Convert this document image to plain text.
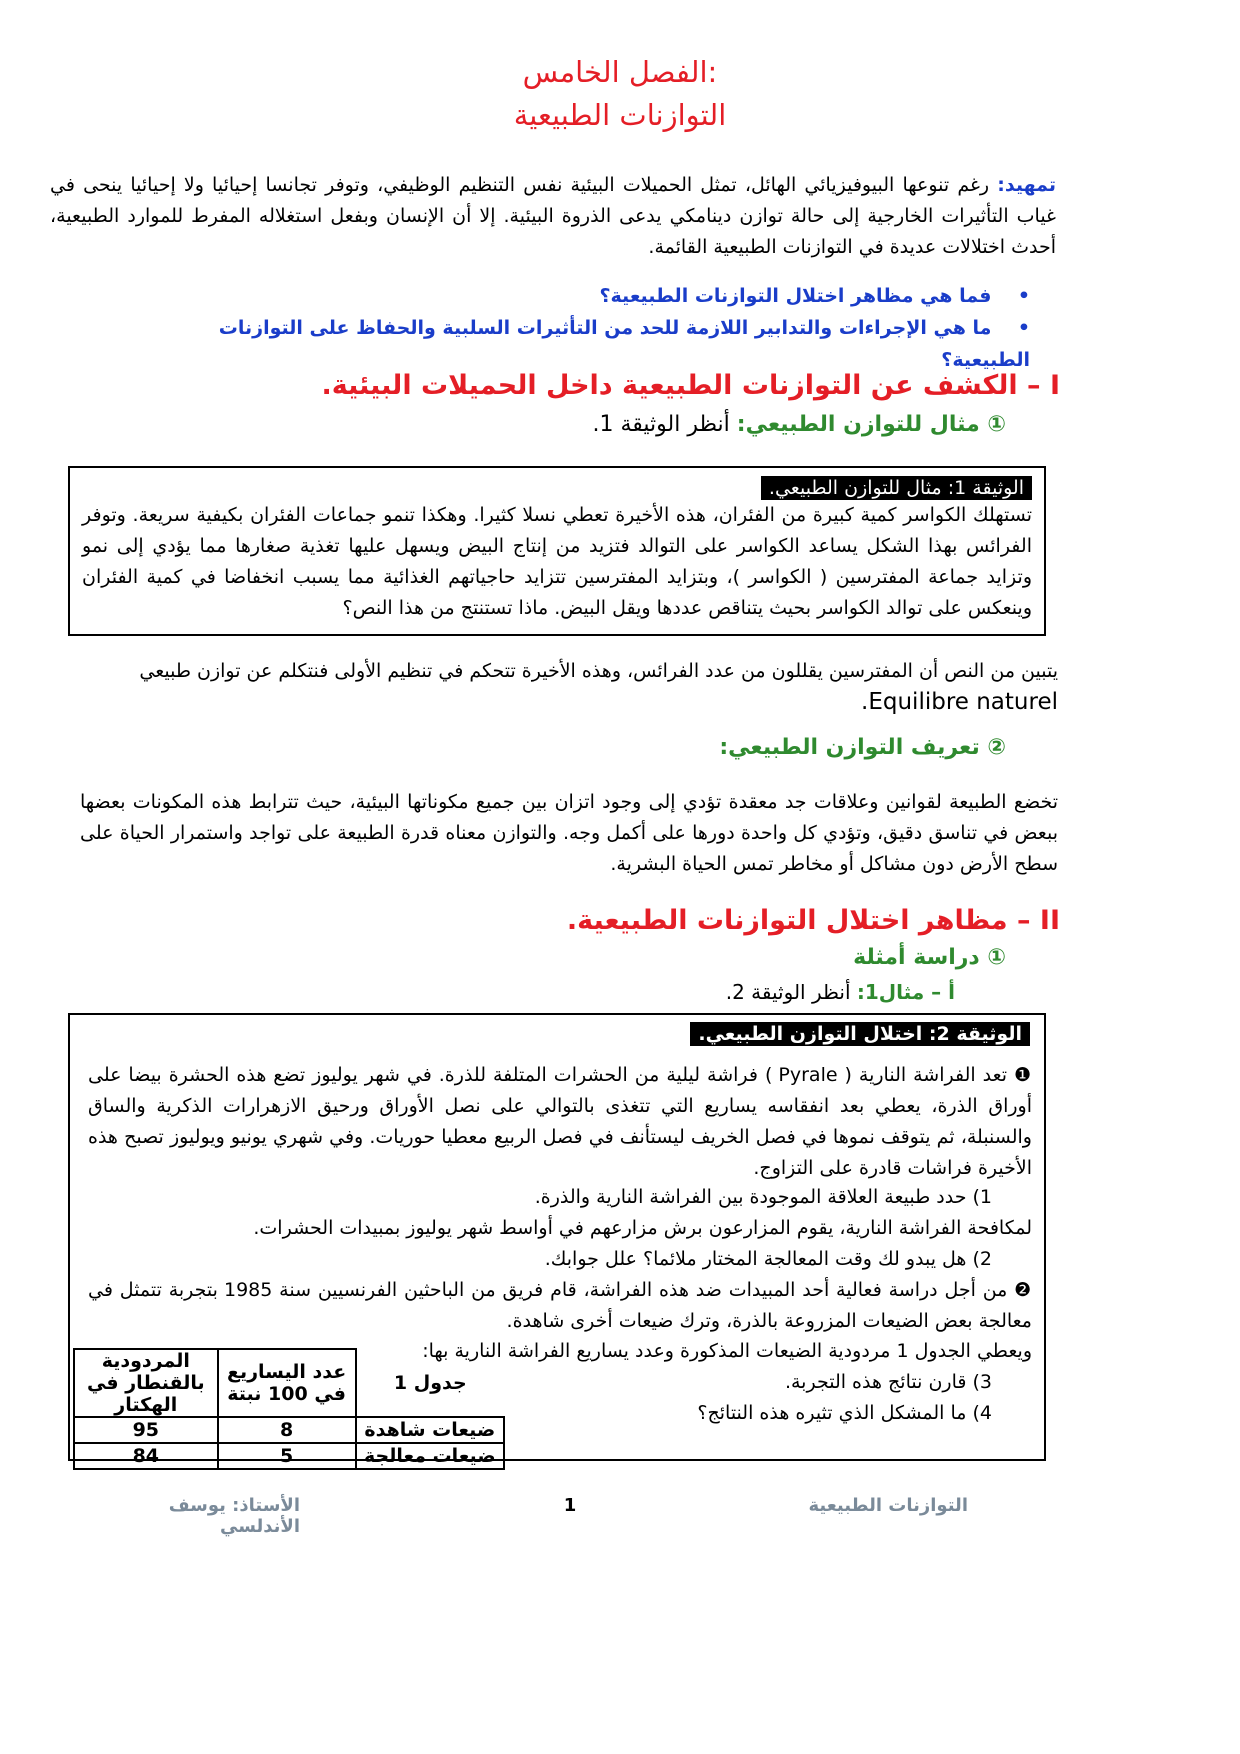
الفصل الخامس:
التوازنات الطبيعية
تمهيد: رغم تنوعها البيوفيزيائي الهائل، تمثل الحميلات البيئية نفس التنظيم الوظيفي، وتوفر تجانسا إحيائيا ولا إحيائيا ينحى في غياب التأثيرات الخارجية إلى حالة توازن دينامكي يدعى الذروة البيئية. إلا أن الإنسان وبفعل استغلاله المفرط للموارد الطبيعية، أحدث اختلالات عديدة في التوازنات الطبيعية القائمة.
•    فما هي مظاهر اختلال التوازنات الطبيعية؟
•    ما هي الإجراءات والتدابير اللازمة للحد من التأثيرات السلبية والحفاظ على التوازنات الطبيعية؟
I – الكشف عن التوازنات الطبيعية داخل الحميلات البيئية.
① مثال للتوازن الطبيعي: أنظر الوثيقة 1.
الوثيقة 1: مثال للتوازن الطبيعي.
تستهلك الكواسر كمية كبيرة من الفئران، هذه الأخيرة تعطي نسلا كثيرا. وهكذا تنمو جماعات الفئران بكيفية سريعة. وتوفر الفرائس بهذا الشكل يساعد الكواسر على التوالد فتزيد من إنتاج البيض ويسهل عليها تغذية صغارها مما يؤدي إلى نمو وتزايد جماعة المفترسين ( الكواسر )، وبتزايد المفترسين تتزايد حاجياتهم الغذائية مما يسبب انخفاضا في كمية الفئران وينعكس على توالد الكواسر بحيث يتناقص عددها ويقل البيض. ماذا تستنتج من هذا النص؟
يتبين من النص أن المفترسين يقللون من عدد الفرائس، وهذه الأخيرة تتحكم في تنظيم الأولى فنتكلم عن توازن طبيعي
Equilibre naturel.
② تعريف التوازن الطبيعي:
تخضع الطبيعة لقوانين وعلاقات جد معقدة تؤدي إلى وجود اتزان بين جميع مكوناتها البيئية، حيث تترابط هذه المكونات بعضها ببعض في تناسق دقيق، وتؤدي كل واحدة دورها على أكمل وجه. والتوازن معناه قدرة الطبيعة على تواجد واستمرار الحياة على سطح الأرض دون مشاكل أو مخاطر تمس الحياة البشرية.
II – مظاهر اختلال التوازنات الطبيعية.
① دراسة أمثلة
أ – مثال1: أنظر الوثيقة 2.
الوثيقة 2: اختلال التوازن الطبيعي.
❶ تعد الفراشة النارية ( Pyrale ) فراشة ليلية من الحشرات المتلفة للذرة. في شهر يوليوز تضع هذه الحشرة بيضا على أوراق الذرة، يعطي بعد انفقاسه يساريع التي تتغذى بالتوالي على نصل الأوراق ورحيق الازهرارات الذكرية والساق والسنبلة، ثم يتوقف نموها في فصل الخريف ليستأنف في فصل الربيع معطيا حوريات. وفي شهري يونيو ويوليوز تصبح هذه الأخيرة فراشات قادرة على التزاوج.
1) حدد طبيعة العلاقة الموجودة بين الفراشة النارية والذرة.
لمكافحة الفراشة النارية، يقوم المزارعون برش مزارعهم في أواسط شهر يوليوز بمبيدات الحشرات.
2) هل يبدو لك وقت المعالجة المختار ملائما؟ علل جوابك.
❷ من أجل دراسة فعالية أحد المبيدات ضد هذه الفراشة، قام فريق من الباحثين الفرنسيين سنة 1985 بتجربة تتمثل في معالجة بعض الضيعات المزروعة بالذرة، وترك ضيعات أخرى شاهدة.
ويعطي الجدول 1 مردودية الضيعات المذكورة وعدد يساريع الفراشة النارية بها:
3) قارن نتائج هذه التجربة.
4) ما المشكل الذي تثيره هذه النتائج؟
جدول 1	عدد اليساريع في 100 نبتة	المردودية بالقنطار في الهكتار
ضيعات شاهدة	8	95
ضيعات معالجة	5	84
الأستاذ: يوسف الأندلسي
1	التوازنات الطبيعية
